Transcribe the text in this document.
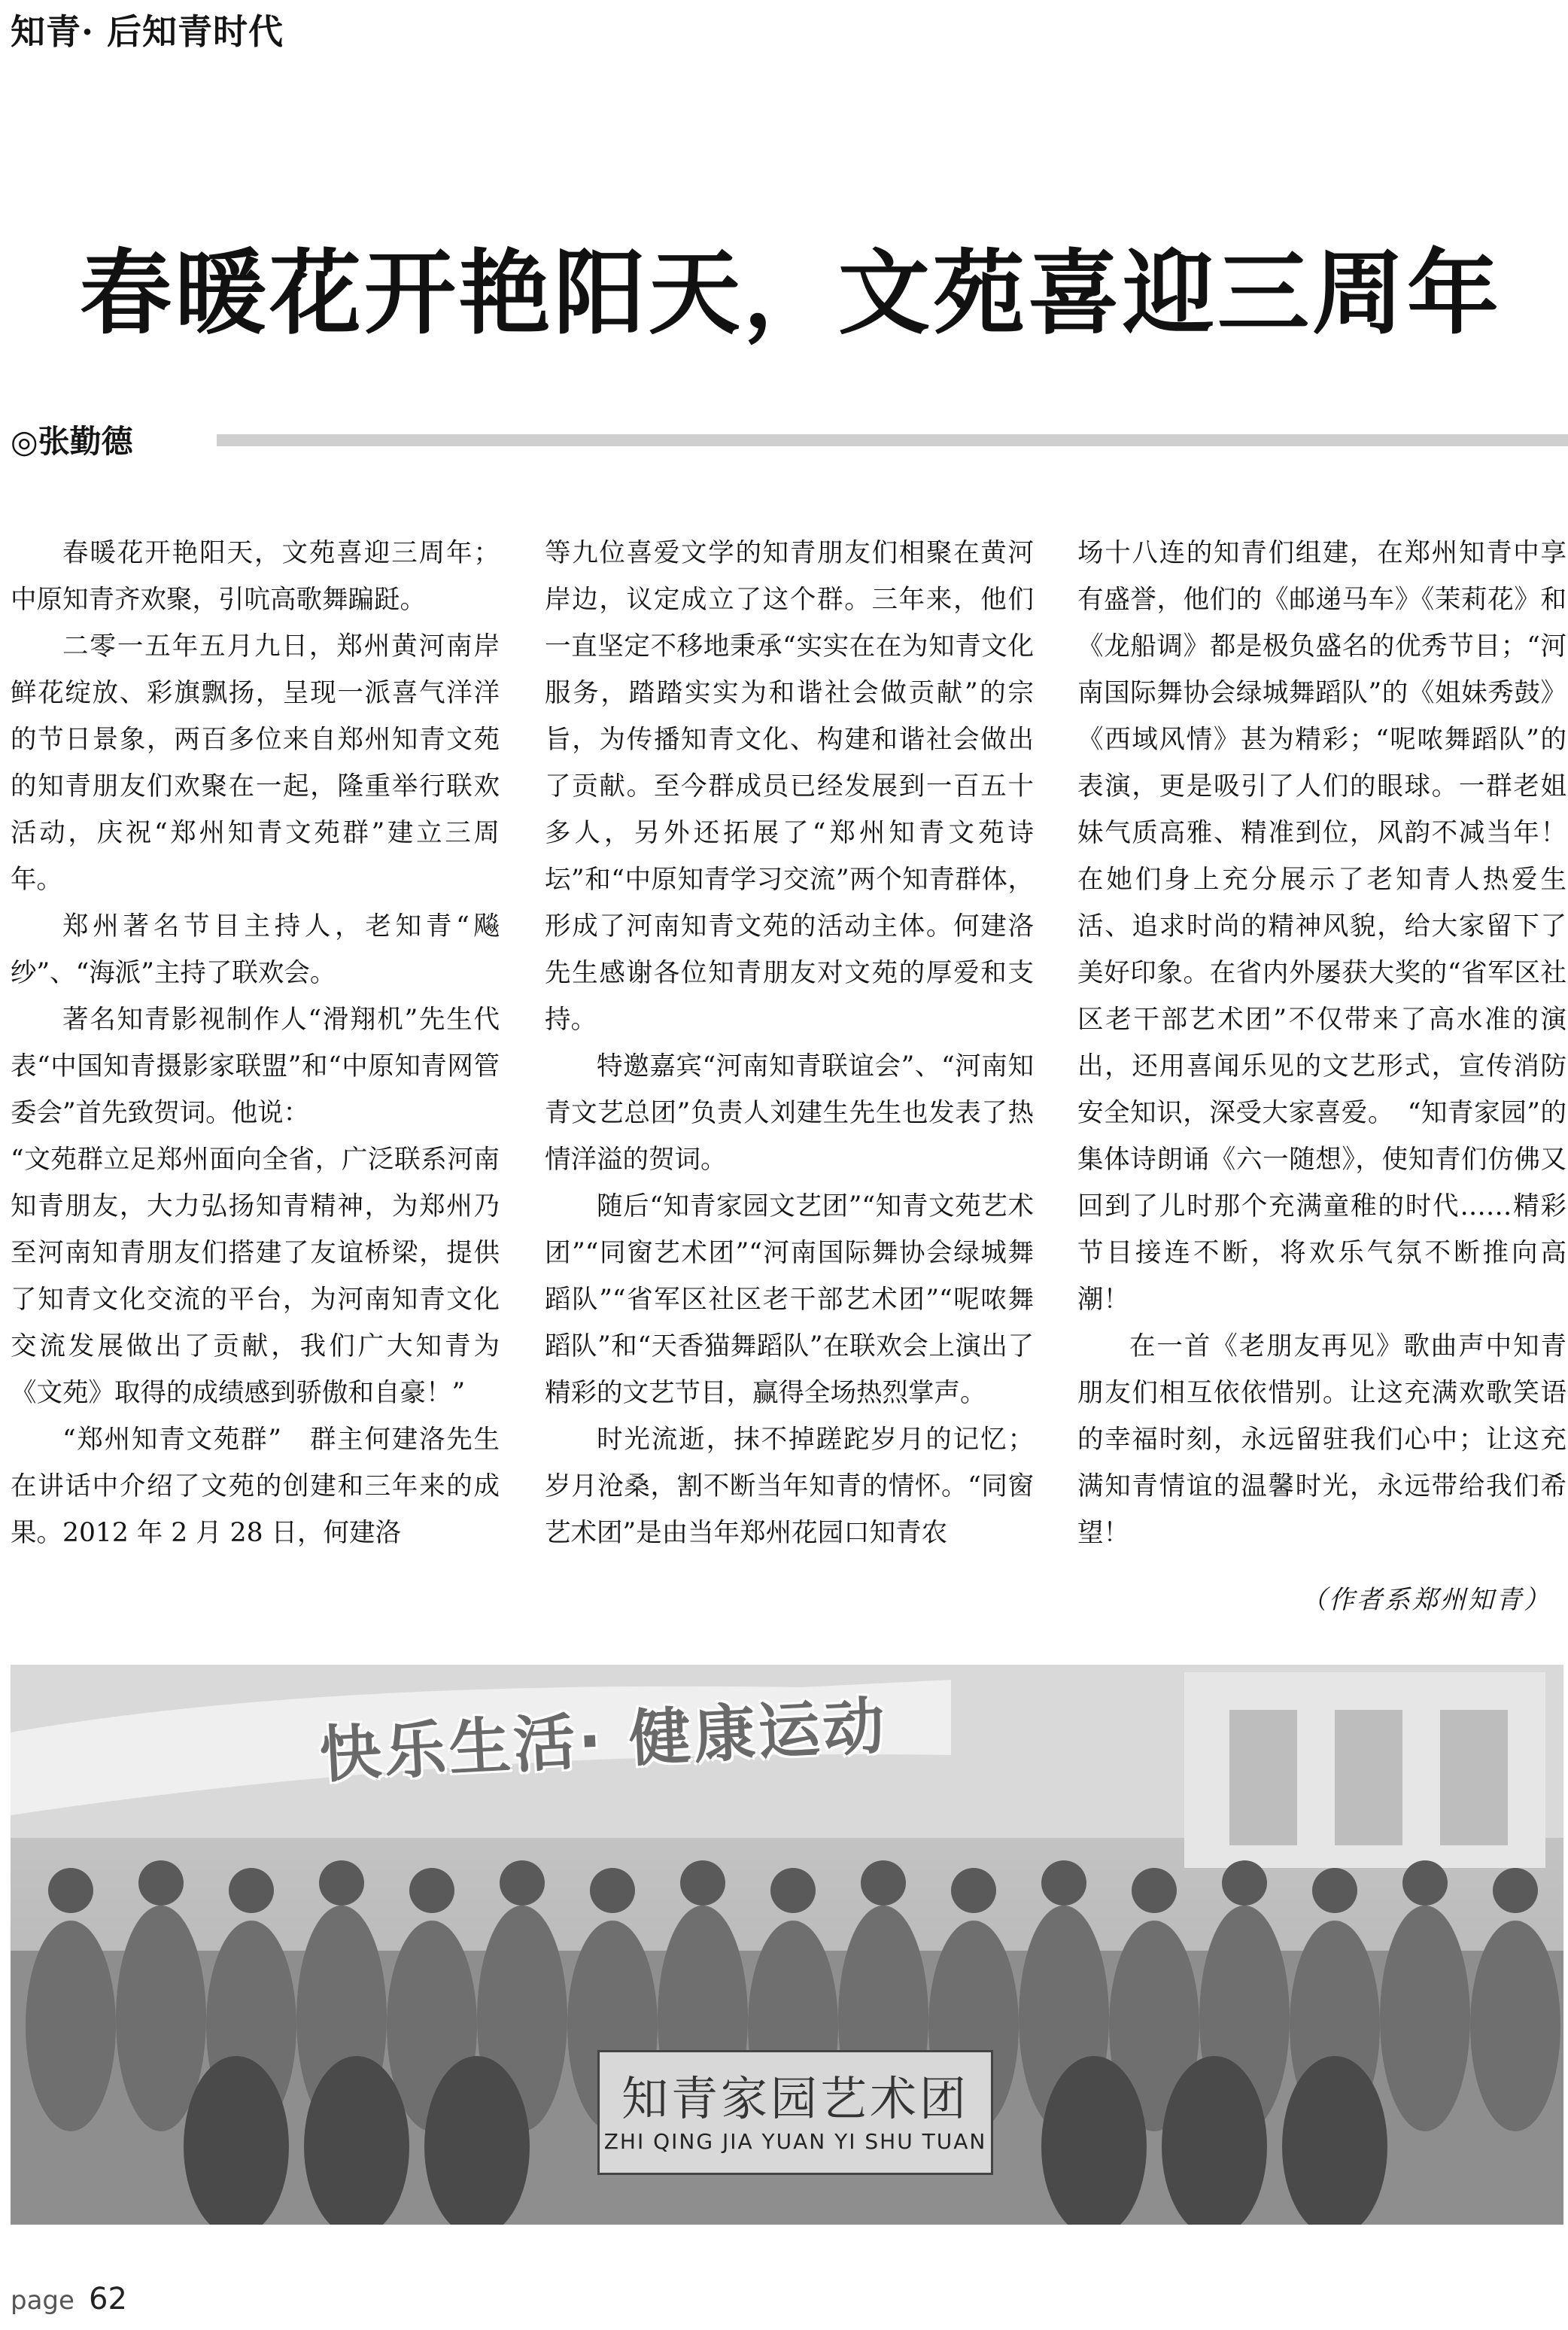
知青· 后知青时代
春暖花开艳阳天，文苑喜迎三周年
◎张勤德

春暖花开艳阳天，文苑喜迎三周年；中原知青齐欢聚，引吭高歌舞蹁跹。

二零一五年五月九日，郑州黄河南岸鲜花绽放、彩旗飘扬，呈现一派喜气洋洋的节日景象，两百多位来自郑州知青文苑的知青朋友们欢聚在一起，隆重举行联欢活动，庆祝“郑州知青文苑群”建立三周年。

郑州著名节目主持人，老知青“飚纱”、“海派”主持了联欢会。

著名知青影视制作人“滑翔机”先生代表“中国知青摄影家联盟”和“中原知青网管委会”首先致贺词。他说：

“文苑群立足郑州面向全省，广泛联系河南知青朋友，大力弘扬知青精神，为郑州乃至河南知青朋友们搭建了友谊桥梁，提供了知青文化交流的平台，为河南知青文化交流发展做出了贡献，我们广大知青为《文苑》取得的成绩感到骄傲和自豪！”

“郑州知青文苑群”　群主何建洛先生在讲话中介绍了文苑的创建和三年来的成果。2012 年 2 月 28 日，何建洛

等九位喜爱文学的知青朋友们相聚在黄河岸边，议定成立了这个群。三年来，他们一直坚定不移地秉承“实实在在为知青文化服务，踏踏实实为和谐社会做贡献”的宗旨，为传播知青文化、构建和谐社会做出了贡献。至今群成员已经发展到一百五十多人，另外还拓展了“郑州知青文苑诗坛”和“中原知青学习交流”两个知青群体，形成了河南知青文苑的活动主体。何建洛先生感谢各位知青朋友对文苑的厚爱和支持。

特邀嘉宾“河南知青联谊会”、“河南知青文艺总团”负责人刘建生先生也发表了热情洋溢的贺词。

随后“知青家园文艺团”“知青文苑艺术团”“同窗艺术团”“河南国际舞协会绿城舞蹈队”“省军区社区老干部艺术团”“呢哝舞蹈队”和“天香猫舞蹈队”在联欢会上演出了精彩的文艺节目，赢得全场热烈掌声。

时光流逝，抹不掉蹉跎岁月的记忆；岁月沧桑，割不断当年知青的情怀。“同窗艺术团”是由当年郑州花园口知青农

场十八连的知青们组建，在郑州知青中享有盛誉，他们的《邮递马车》《茉莉花》和《龙船调》都是极负盛名的优秀节目；“河南国际舞协会绿城舞蹈队”的《姐妹秀鼓》《西域风情》甚为精彩；“呢哝舞蹈队”的表演，更是吸引了人们的眼球。一群老姐妹气质高雅、精准到位，风韵不减当年！在她们身上充分展示了老知青人热爱生活、追求时尚的精神风貌，给大家留下了美好印象。在省内外屡获大奖的“省军区社区老干部艺术团”不仅带来了高水准的演出，还用喜闻乐见的文艺形式，宣传消防安全知识，深受大家喜爱。　“知青家园”的集体诗朗诵《六一随想》，使知青们仿佛又回到了儿时那个充满童稚的时代……精彩节目接连不断，将欢乐气氛不断推向高潮！

在一首《老朋友再见》歌曲声中知青朋友们相互依依惜别。让这充满欢歌笑语的幸福时刻，永远留驻我们心中；让这充满知青情谊的温馨时光，永远带给我们希望！

（作者系郑州知青）
快乐生活· 健康运动
知青家园艺术团
ZHI QING JIA YUAN YI SHU TUAN
page 62
